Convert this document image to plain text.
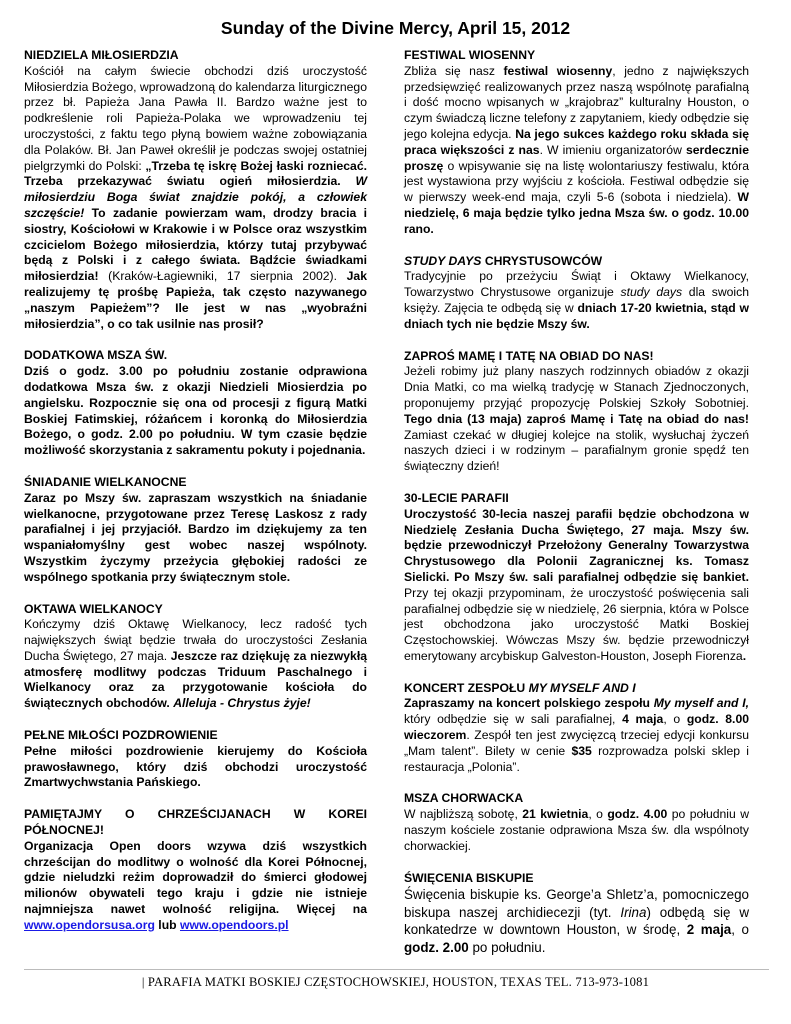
Sunday of the Divine Mercy, April 15, 2012
NIEDZIELA MIŁOSIERDZIA

Kościół na całym świecie obchodzi dziś uroczystość Miłosierdzia Bożego, wprowadzoną do kalendarza liturgicznego przez bł. Papieża Jana Pawła II. Bardzo ważne jest to podkreślenie roli Papieża-Polaka we wprowadzeniu tej uroczystości, z faktu tego płyną bowiem ważne zobowiązania dla Polaków. Bł. Jan Paweł określił je podczas swojej ostatniej pielgrzymki do Polski: „Trzeba tę iskrę Bożej łaski rozniecać. Trzeba przekazywać światu ogień miłosierdzia. W miłosierdziu Boga świat znajdzie pokój, a człowiek szczęście! To zadanie powierzam wam, drodzy bracia i siostry, Kościołowi w Krakowie i w Polsce oraz wszystkim czcicielom Bożego miłosierdzia, którzy tutaj przybywać będą z Polski i z całego świata. Bądźcie świadkami miłosierdzia! (Kraków-Łagiewniki, 17 sierpnia 2002). Jak realizujemy tę prośbę Papieża, tak często nazywanego „naszym Papieżem”? Ile jest w nas „wyobraźni miłosierdzia”, o co tak usilnie nas prosił?

DODATKOWA MSZA ŚW.

Dziś o godz. 3.00 po południu zostanie odprawiona dodatkowa Msza św. z okazji Niedzieli Miosierdzia po angielsku. Rozpocznie się ona od procesji z figurą Matki Boskiej Fatimskiej, różańcem i koronką do Miłosierdzia Bożego, o godz. 2.00 po południu. W tym czasie będzie możliwość skorzystania z sakramentu pokuty i pojednania.

ŚNIADANIE WIELKANOCNE

Zaraz po Mszy św. zapraszam wszystkich na śniadanie wielkanocne, przygotowane przez Teresę Laskosz z rady parafialnej i jej przyjaciół. Bardzo im dziękujemy za ten wspaniałomyślny gest wobec naszej wspólnoty. Wszystkim życzymy przeżycia głębokiej radości ze wspólnego spotkania przy świątecznym stole.

OKTAWA WIELKANOCY

Kończymy dziś Oktawę Wielkanocy, lecz radość tych największych świąt będzie trwała do uroczystości Zesłania Ducha Świętego, 27 maja. Jeszcze raz dziękuję za niezwykłą atmosferę modlitwy podczas Triduum Paschalnego i Wielkanocy oraz za przygotowanie kościoła do świątecznych obchodów. Alleluja - Chrystus żyje!

PEŁNE MIŁOŚCI POZDROWIENIE

Pełne miłości pozdrowienie kierujemy do Kościoła prawosławnego, który dziś obchodzi uroczystość Zmartwychwstania Pańskiego.

PAMIĘTAJMY O CHRZEŚCIJANACH W KOREI PÓŁNOCNEJ!

Organizacja Open doors wzywa dziś wszystkich chrześcijan do modlitwy o wolność dla Korei Północnej, gdzie nieludzki reżim doprowadził do śmierci głodowej milionów obywateli tego kraju i gdzie nie istnieje najmniejsza nawet wolność religijna. Więcej na www.opendorsusa.org lub www.opendoors.pl

FESTIWAL WIOSENNY

Zbliża się nasz festiwal wiosenny, jedno z największych przedsięwzięć realizowanych przez naszą wspólnotę parafialną i dość mocno wpisanych w „krajobraz” kulturalny Houston, o czym świadczą liczne telefony z zapytaniem, kiedy odbędzie się jego kolejna edycja. Na jego sukces każdego roku składa się praca większości z nas. W imieniu organizatorów serdecznie proszę o wpisywanie się na listę wolontariuszy festiwalu, która jest wystawiona przy wyjściu z kościoła. Festiwal odbędzie się w pierwszy week-end maja, czyli 5-6 (sobota i niedziela). W niedzielę, 6 maja będzie tylko jedna Msza św. o godz. 10.00 rano.

STUDY DAYS CHRYSTUSOWCÓW

Tradycyjnie po przeżyciu Świąt i Oktawy Wielkanocy, Towarzystwo Chrystusowe organizuje study days dla swoich księży. Zajęcia te odbędą się w dniach 17-20 kwietnia, stąd w dniach tych nie będzie Mszy św.

ZAPROŚ MAMĘ I TATĘ NA OBIAD DO NAS!

Jeżeli robimy już plany naszych rodzinnych obiadów z okazji Dnia Matki, co ma wielką tradycję w Stanach Zjednoczonych, proponujemy przyjąć propozycję Polskiej Szkoły Sobotniej. Tego dnia (13 maja) zaproś Mamę i Tatę na obiad do nas! Zamiast czekać w długiej kolejce na stolik, wysłuchaj życzeń naszych dzieci i w rodzinym – parafialnym gronie spędź ten świąteczny dzień!

30-LECIE PARAFII

Uroczystość 30-lecia naszej parafii będzie obchodzona w Niedzielę Zesłania Ducha Świętego, 27 maja. Mszy św. będzie przewodniczył Przełożony Generalny Towarzystwa Chrystusowego dla Polonii Zagranicznej ks. Tomasz Sielicki. Po Mszy św. sali parafialnej odbędzie się bankiet. Przy tej okazji przypominam, że uroczystość poświęcenia sali parafialnej odbędzie się w niedzielę, 26 sierpnia, która w Polsce jest obchodzona jako uroczystość Matki Boskiej Częstochowskiej. Wówczas Mszy św. będzie przewodniczył emerytowany arcybiskup Galveston-Houston, Joseph Fiorenza.

KONCERT ZESPOŁU MY MYSELF AND I

Zapraszamy na koncert polskiego zespołu My myself and I, który odbędzie się w sali parafialnej, 4 maja, o godz. 8.00 wieczorem. Zespół ten jest zwycięzcą trzeciej edycji konkursu „Mam talent”. Bilety w cenie $35 rozprowadza polski sklep i restauracja „Polonia”.

MSZA CHORWACKA

W najbliższą sobotę, 21 kwietnia, o godz. 4.00 po południu w naszym kościele zostanie odprawiona Msza św. dla wspólnoty chorwackiej.

ŚWIĘCENIA BISKUPIE

Święcenia biskupie ks. George’a Shletz’a, pomocniczego biskupa naszej archidiecezji (tyt. Irina) odbędą się w konkatedrze w downtown Houston, w środę, 2 maja, o godz. 2.00 po południu.

| PARAFIA MATKI BOSKIEJ CZĘSTOCHOWSKIEJ, HOUSTON, TEXAS TEL. 713-973-1081
